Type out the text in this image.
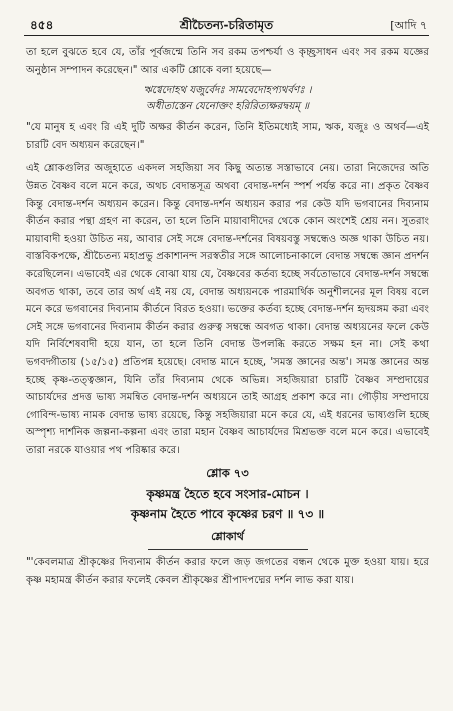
৪৫৪	শ্রীচৈতন্য-চরিতামৃত	[আদি ৭

তা হলে বুঝতে হবে যে, তাঁর পূর্বজন্মে তিনি সব রকম তপশ্চর্যা ও কৃচ্ছ্রসাধন এবং সব রকম যজ্ঞের অনুষ্ঠান সম্পাদন করেছেন।" আর একটি শ্লোকে বলা হয়েছে—

ঋগ্বেদোহথ যজুর্বেদঃ সামবেদোহপ্যথর্বণঃ ।

অধীতাস্তেন যেনোক্তং হরিরিত্যক্ষরদ্বয়ম্ ॥

"যে মানুষ হ এবং রি এই দুটি অক্ষর কীর্তন করেন, তিনি ইতিমধ্যেই সাম, ঋক, যজুঃ ও অথর্ব—এই চারটি বেদ অধ্যয়ন করেছেন।"

এই শ্লোকগুলির অজুহাতে একদল সহজিয়া সব কিছু অত্যন্ত সস্তাভাবে নেয়। তারা নিজেদের অতি উন্নত বৈষ্ণব বলে মনে করে, অথচ বেদান্তসূত্র অথবা বেদান্ত-দর্শন স্পর্শ পর্যন্ত করে না। প্রকৃত বৈষ্ণব কিন্তু বেদান্ত-দর্শন অধ্যয়ন করেন। কিন্তু বেদান্ত-দর্শন অধ্যয়ন করার পর কেউ যদি ভগবানের দিব্যনাম কীর্তন করার পন্থা গ্রহণ না করেন, তা হলে তিনি মায়াবাদীদের থেকে কোন অংশেই শ্রেয় নন। সুতরাং মায়াবাদী হওয়া উচিত নয়, আবার সেই সঙ্গে বেদান্ত-দর্শনের বিষয়বস্তু সম্বন্ধেও অজ্ঞ থাকা উচিত নয়। বাস্তবিকপক্ষে, শ্রীচৈতন্য মহাপ্রভু প্রকাশানন্দ সরস্বতীর সঙ্গে আলোচনাকালে বেদান্ত সম্বন্ধে জ্ঞান প্রদর্শন করেছিলেন। এভাবেই এর থেকে বোঝা যায় যে, বৈষ্ণবের কর্তব্য হচ্ছে সর্বতোভাবে বেদান্ত-দর্শন সম্বন্ধে অবগত থাকা, তবে তার অর্থ এই নয় যে, বেদান্ত অধ্যয়নকে পারমার্থিক অনুশীলনের মূল বিষয় বলে মনে করে ভগবানের দিব্যনাম কীর্তনে বিরত হওয়া। ভক্তের কর্তব্য হচ্ছে বেদান্ত-দর্শন হৃদয়ঙ্গম করা এবং সেই সঙ্গে ভগবানের দিব্যনাম কীর্তন করার গুরুত্ব সম্বন্ধে অবগত থাকা। বেদান্ত অধ্যয়নের ফলে কেউ যদি নির্বিশেষবাদী হয়ে যান, তা হলে তিনি বেদান্ত উপলব্ধি করতে সক্ষম হন না। সেই কথা ভগবদ্গীতায় (১৫/১৫) প্রতিপন্ন হয়েছে। বেদান্ত মানে হচ্ছে, 'সমস্ত জ্ঞানের অন্ত'। সমস্ত জ্ঞানের অন্ত হচ্ছে কৃষ্ণ-তত্ত্বজ্ঞান, যিনি তাঁর দিব্যনাম থেকে অভিন্ন। সহজিয়ারা চারটি বৈষ্ণব সম্প্রদায়ের আচার্যদের প্রদত্ত ভাষ্য সমন্বিত বেদান্ত-দর্শন অধ্যয়নে তাই আগ্রহ প্রকাশ করে না। গৌড়ীয় সম্প্রদায়ে গোবিন্দ-ভাষ্য নামক বেদান্ত ভাষ্য রয়েছে, কিন্তু সহজিয়ারা মনে করে যে, এই ধরনের ভাষ্যগুলি হচ্ছে অস্পৃশ্য দার্শনিক জল্পনা-কল্পনা এবং তারা মহান বৈষ্ণব আচার্যদের মিশ্রভক্ত বলে মনে করে। এভাবেই তারা নরকে যাওয়ার পথ পরিষ্কার করে।

শ্লোক ৭৩
কৃষ্ণমন্ত্র হৈতে হবে সংসার-মোচন ।
কৃষ্ণনাম হৈতে পাবে কৃষ্ণের চরণ ॥ ৭৩ ॥
শ্লোকার্থ

"'কেবলমাত্র শ্রীকৃষ্ণের দিব্যনাম কীর্তন করার ফলে জড় জগতের বন্ধন থেকে মুক্ত হওয়া যায়। হরে কৃষ্ণ মহামন্ত্র কীর্তন করার ফলেই কেবল শ্রীকৃষ্ণের শ্রীপাদপদ্মের দর্শন লাভ করা যায়।
